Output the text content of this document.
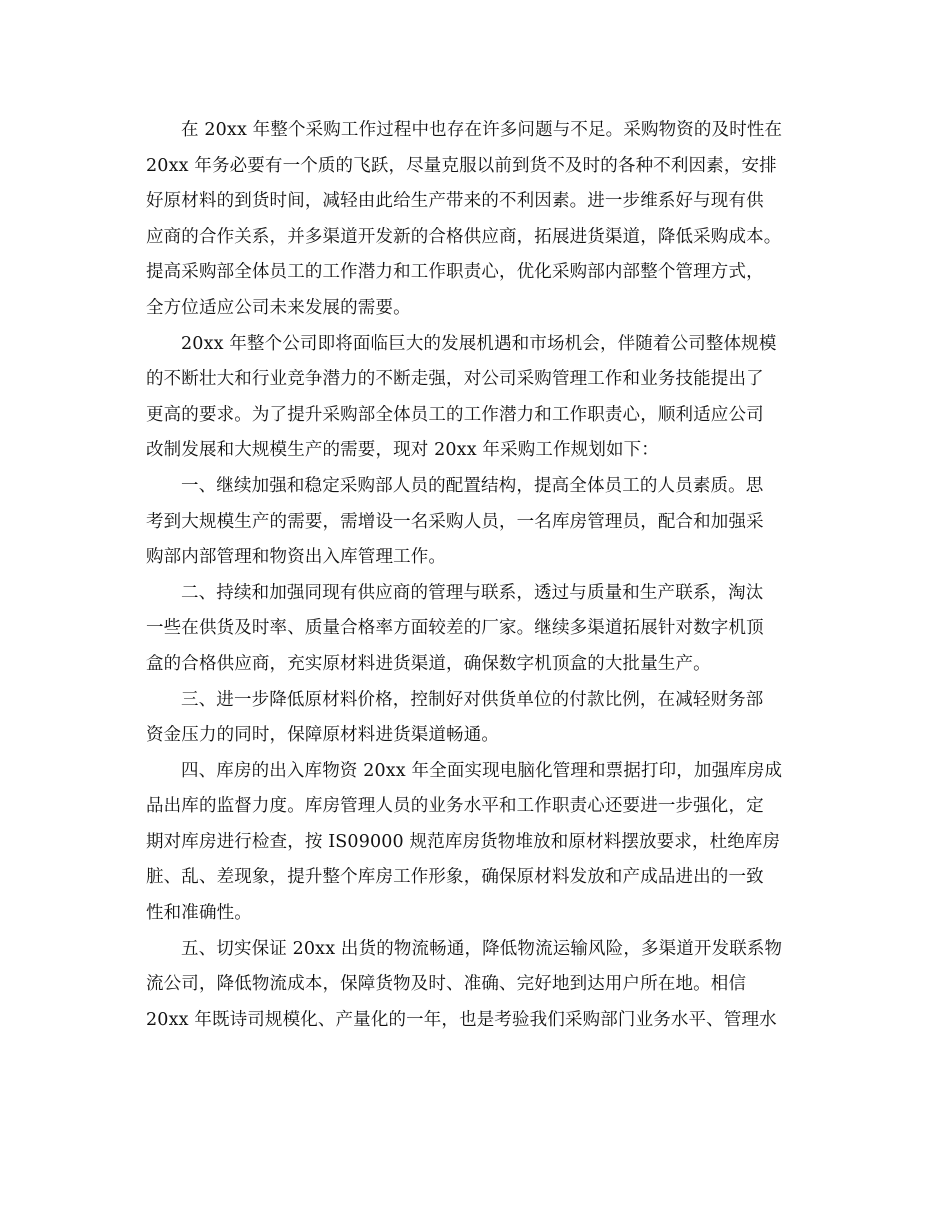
在 20xx 年整个采购工作过程中也存在许多问题与不足。采购物资的及时性在
20xx 年务必要有一个质的飞跃，尽量克服以前到货不及时的各种不利因素，安排
好原材料的到货时间，减轻由此给生产带来的不利因素。进一步维系好与现有供
应商的合作关系，并多渠道开发新的合格供应商，拓展进货渠道，降低采购成本。
提高采购部全体员工的工作潜力和工作职责心，优化采购部内部整个管理方式，
全方位适应公司未来发展的需要。
20xx 年整个公司即将面临巨大的发展机遇和市场机会，伴随着公司整体规模
的不断壮大和行业竞争潜力的不断走强，对公司采购管理工作和业务技能提出了
更高的要求。为了提升采购部全体员工的工作潜力和工作职责心，顺利适应公司
改制发展和大规模生产的需要，现对 20xx 年采购工作规划如下：
一、继续加强和稳定采购部人员的配置结构，提高全体员工的人员素质。思
考到大规模生产的需要，需增设一名采购人员，一名库房管理员，配合和加强采
购部内部管理和物资出入库管理工作。
二、持续和加强同现有供应商的管理与联系，透过与质量和生产联系，淘汰
一些在供货及时率、质量合格率方面较差的厂家。继续多渠道拓展针对数字机顶
盒的合格供应商，充实原材料进货渠道，确保数字机顶盒的大批量生产。
三、进一步降低原材料价格，控制好对供货单位的付款比例，在减轻财务部
资金压力的同时，保障原材料进货渠道畅通。
四、库房的出入库物资 20xx 年全面实现电脑化管理和票据打印，加强库房成
品出库的监督力度。库房管理人员的业务水平和工作职责心还要进一步强化，定
期对库房进行检查，按 IS09000 规范库房货物堆放和原材料摆放要求，杜绝库房
脏、乱、差现象，提升整个库房工作形象，确保原材料发放和产成品进出的一致
性和准确性。
五、切实保证 20xx 出货的物流畅通，降低物流运输风险，多渠道开发联系物
流公司，降低物流成本，保障货物及时、准确、完好地到达用户所在地。相信
20xx 年既诗司规模化、产量化的一年，也是考验我们采购部门业务水平、管理水
